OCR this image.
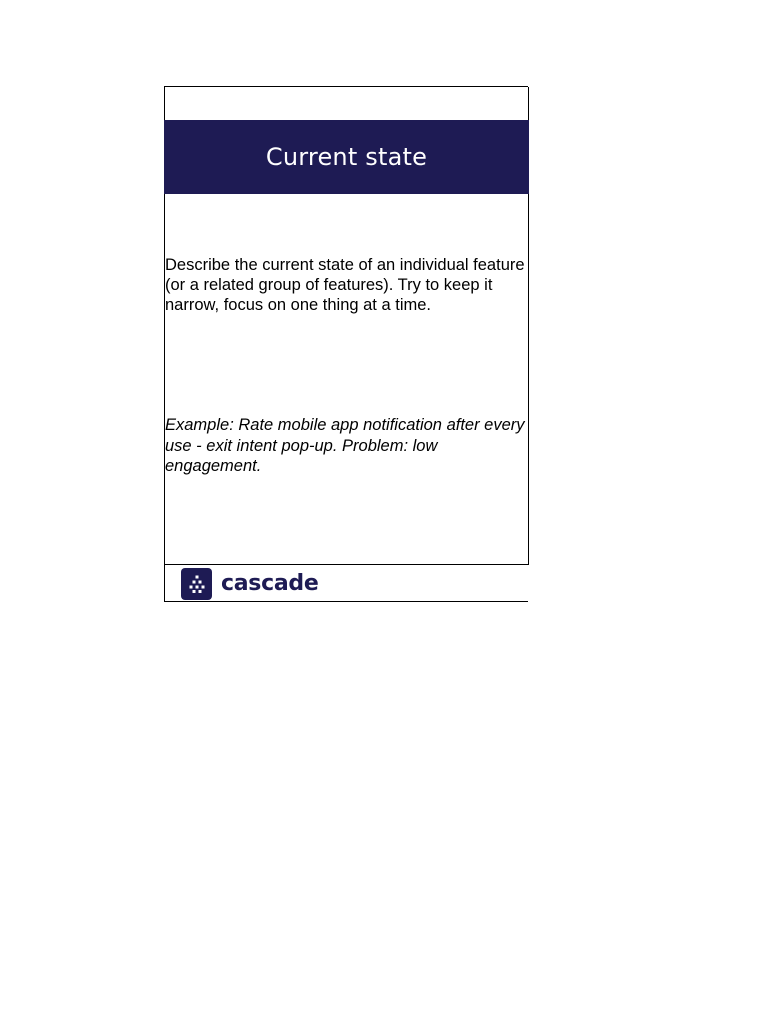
Current state
Describe the current state of an individual feature (or a related group of features). Try to keep it narrow, focus on one thing at a time.
Example: Rate mobile app notification after every use - exit intent pop-up. Problem: low engagement.
cascade
